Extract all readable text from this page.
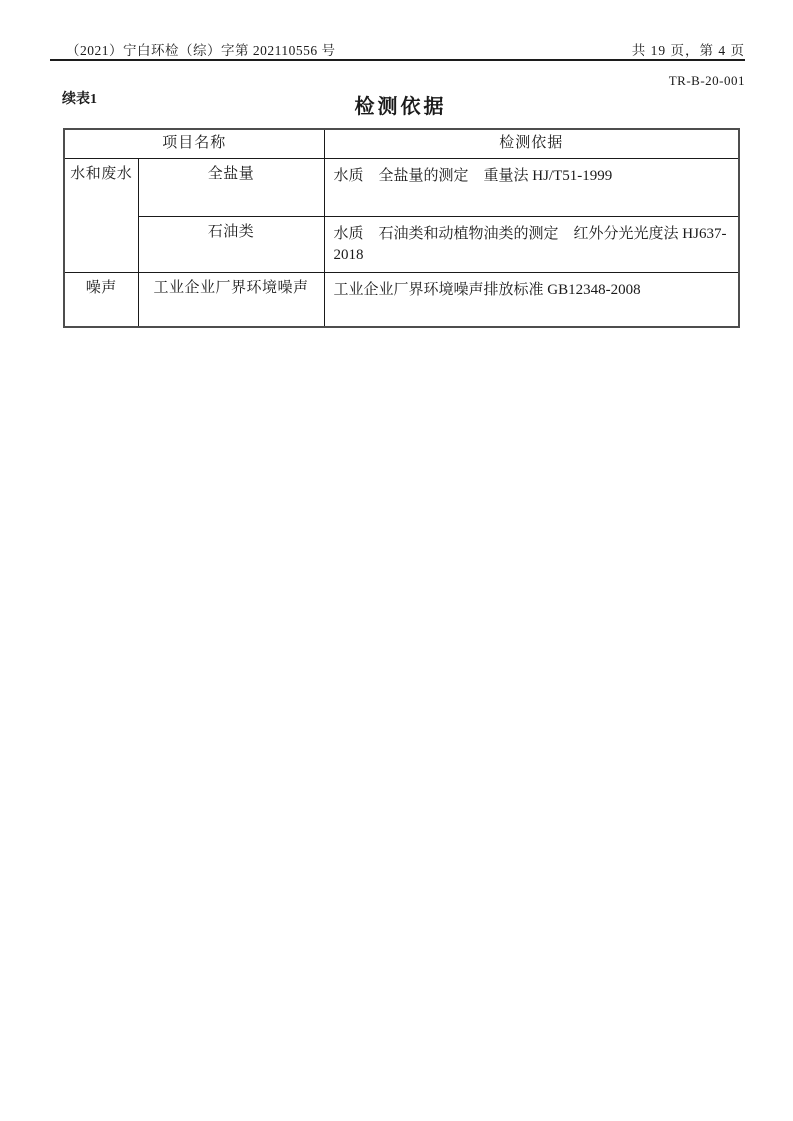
（2021）宁白环检（综）字第 202110556 号	共 19 页，第 4 页
TR-B-20-001
续表1	检测依据
项目名称		检测依据
水和废水	全盐量	水质　全盐量的测定　重量法 HJ/T51-1999
	石油类	水质　石油类和动植物油类的测定　红外分光光度法 HJ637-2018
噪声	工业企业厂界环境噪声	工业企业厂界环境噪声排放标准 GB12348-2008
